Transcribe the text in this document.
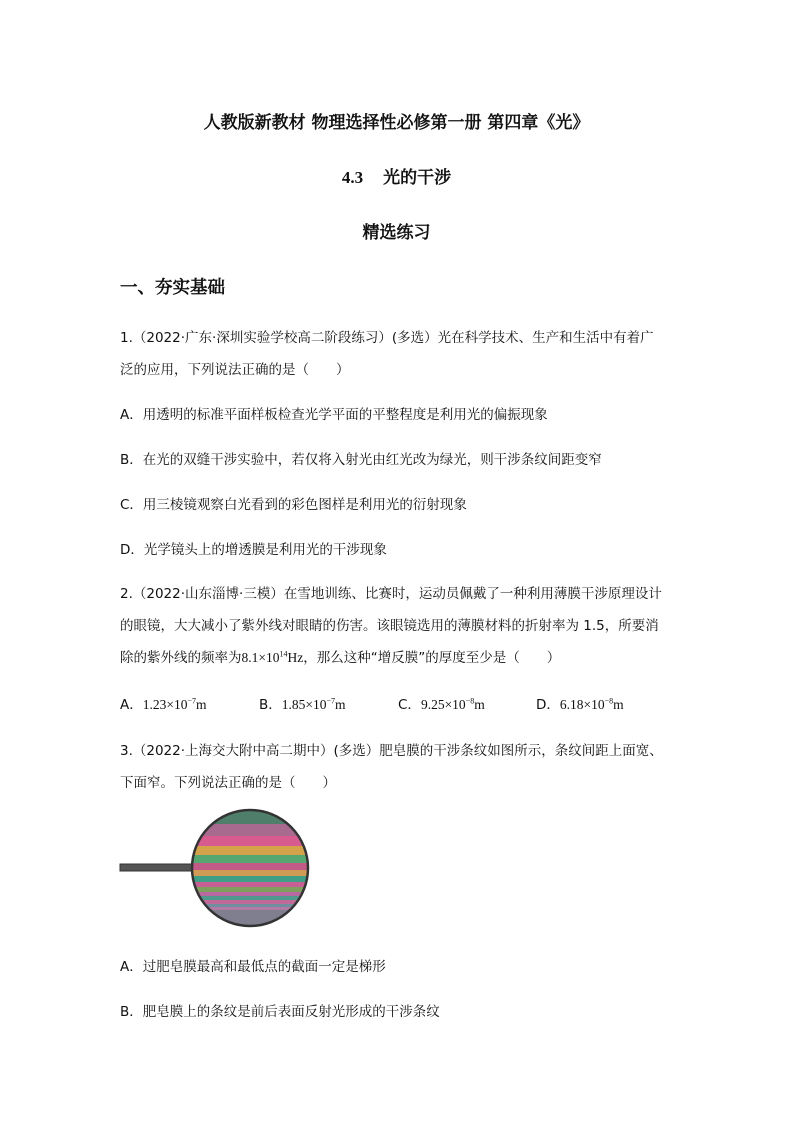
人教版新教材 物理选择性必修第一册 第四章《光》
4.3 光的干涉
精选练习
一、夯实基础
1.（2022·广东·深圳实验学校高二阶段练习）(多选）光在科学技术、生产和生活中有着广
泛的应用，下列说法正确的是（　　）
A．用透明的标准平面样板检查光学平面的平整程度是利用光的偏振现象
B．在光的双缝干涉实验中，若仅将入射光由红光改为绿光，则干涉条纹间距变窄
C．用三棱镜观察白光看到的彩色图样是利用光的衍射现象
D．光学镜头上的增透膜是利用光的干涉现象
2.（2022·山东淄博·三模）在雪地训练、比赛时，运动员佩戴了一种利用薄膜干涉原理设计
的眼镜，大大减小了紫外线对眼睛的伤害。该眼镜选用的薄膜材料的折射率为 1.5，所要消
除的紫外线的频率为$8.1\times 10^{14}Hz$，那么这种“增反膜”的厚度至少是（　　）
A．$1.23\times 10^{-7}m$	B．$1.85\times 10^{-7}m$	C．$9.25\times 10^{-8}m$	D．$6.18\times 10^{-8}m$
3.（2022·上海交大附中高二期中）(多选）肥皂膜的干涉条纹如图所示，条纹间距上面宽、
下面窄。下列说法正确的是（　　）
A．过肥皂膜最高和最低点的截面一定是梯形
B．肥皂膜上的条纹是前后表面反射光形成的干涉条纹
